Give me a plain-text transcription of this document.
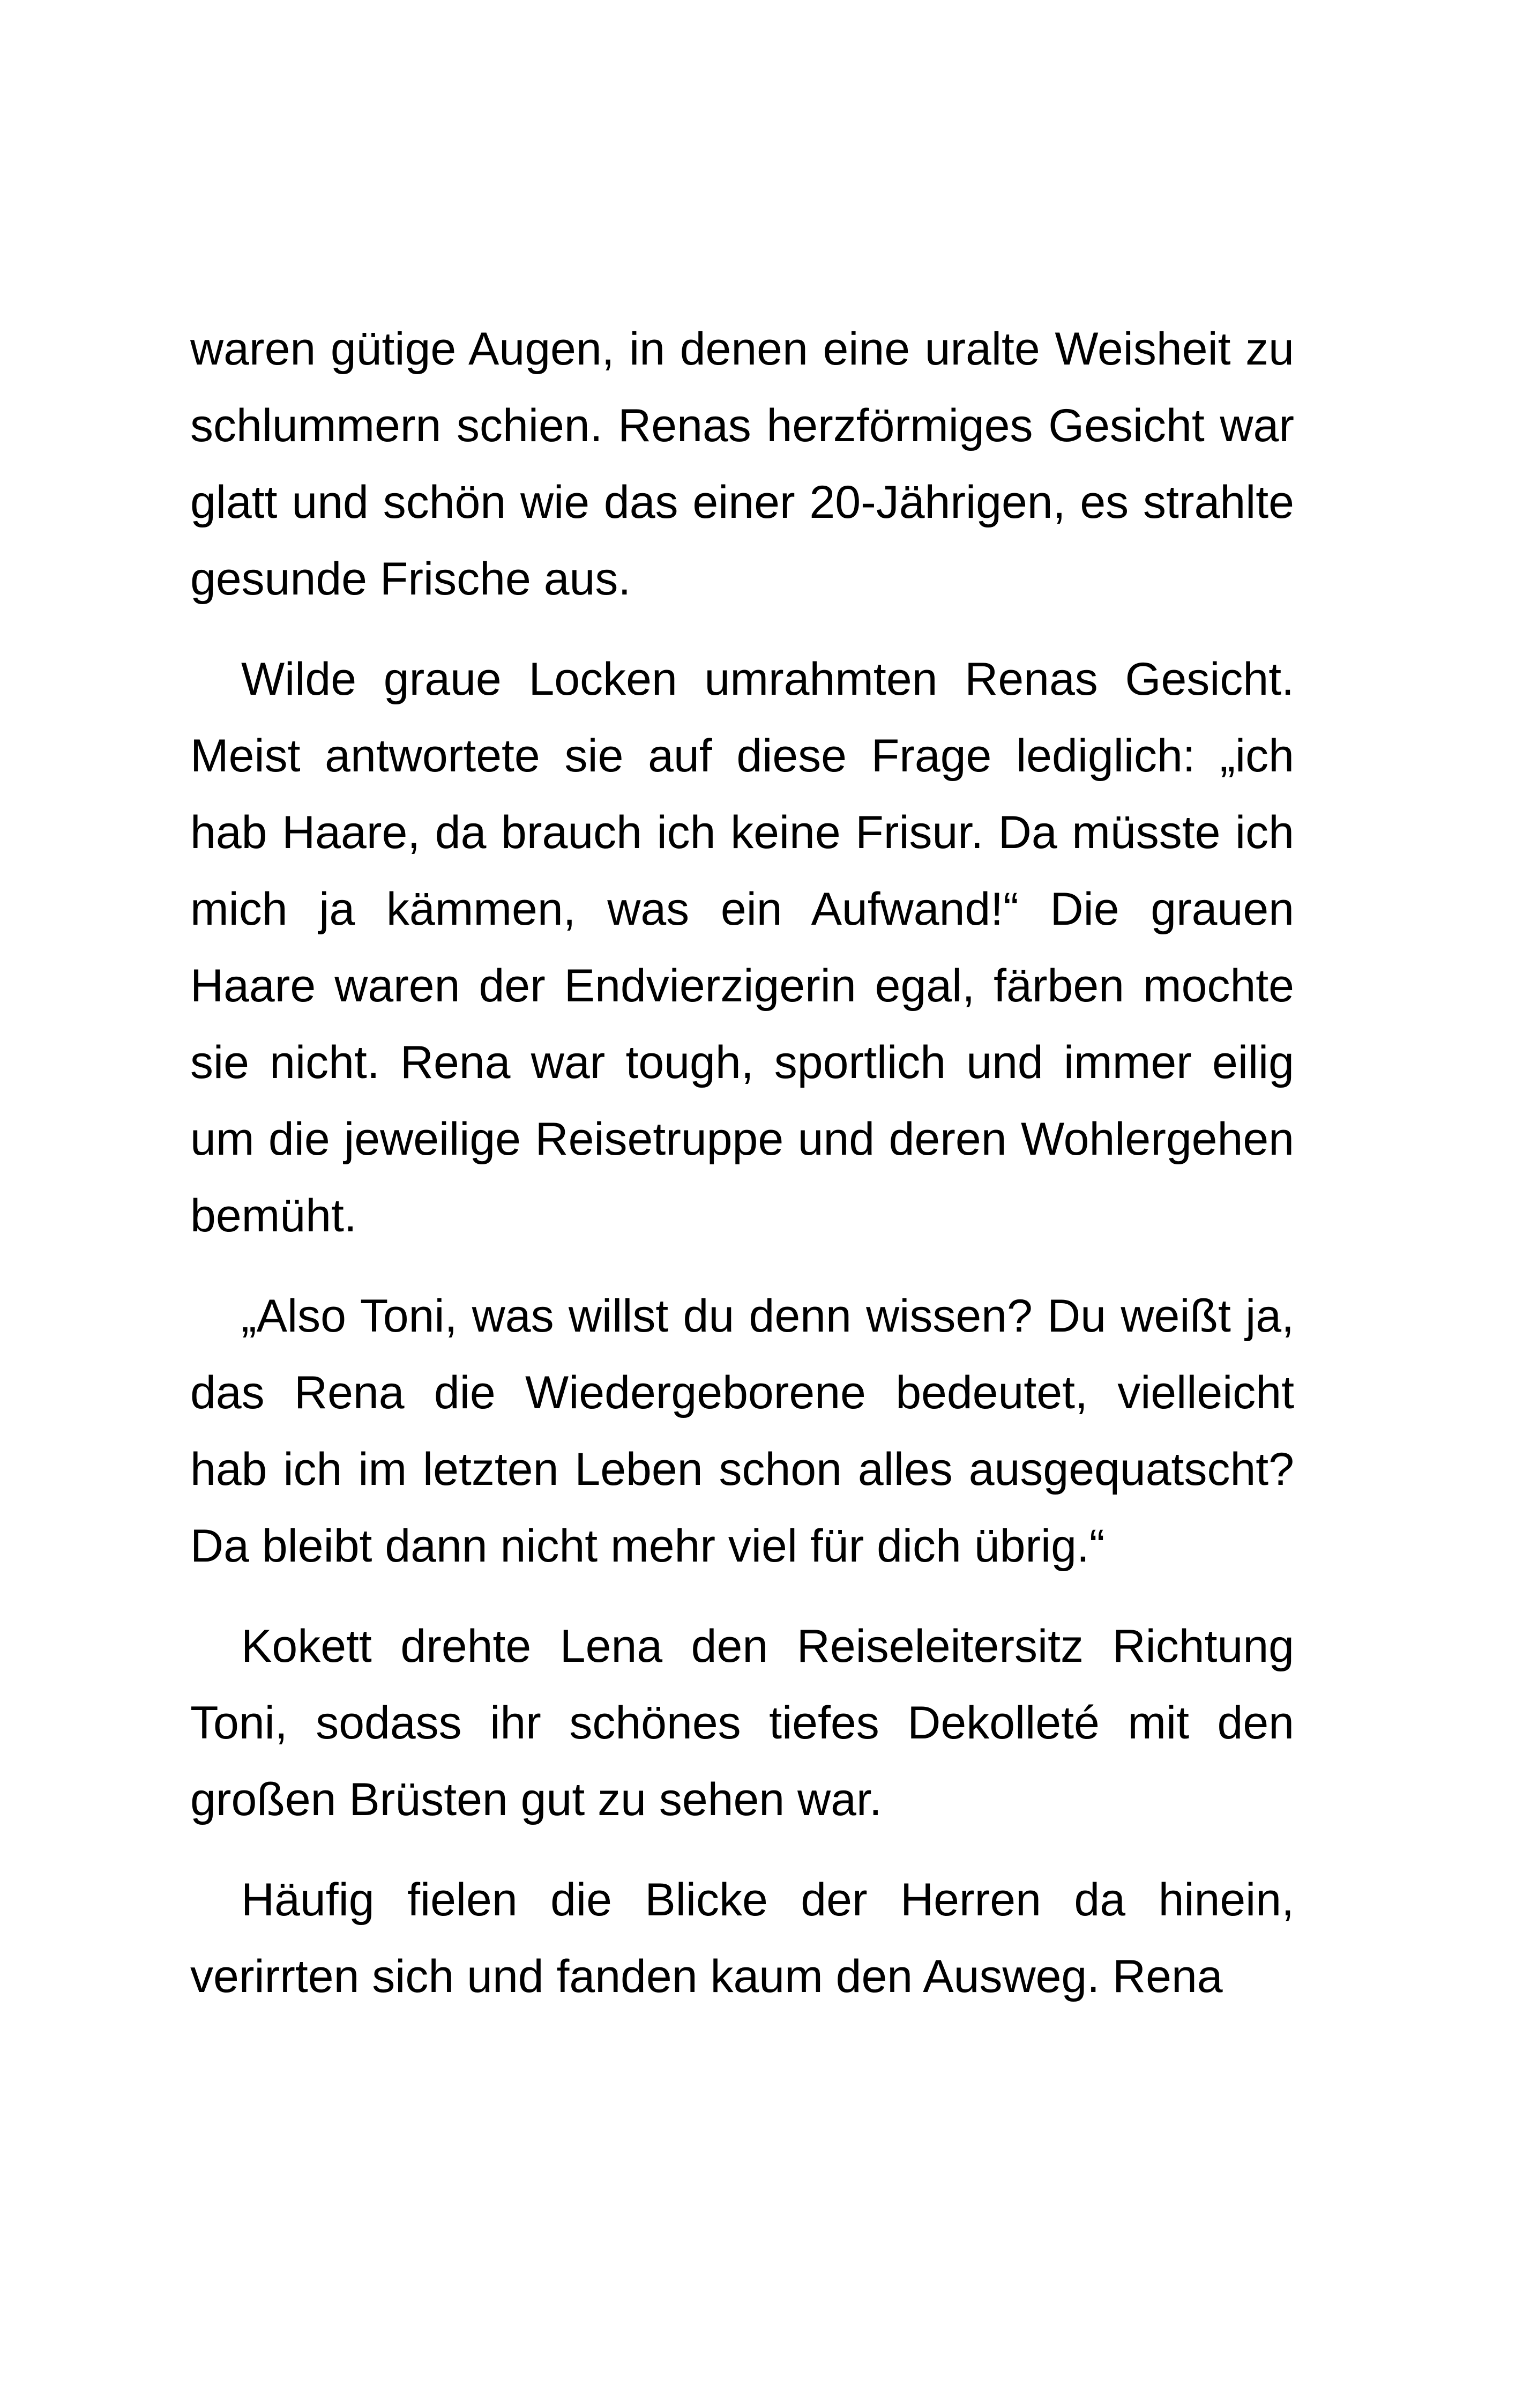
waren gütige Augen, in denen eine uralte Weisheit zu schlummern schien. Renas herzförmiges Gesicht war glatt und schön wie das einer 20-Jährigen, es strahlte gesunde Frische aus.

Wilde graue Locken umrahmten Renas Gesicht. Meist antwortete sie auf diese Frage lediglich: „ich hab Haare, da brauch ich keine Frisur. Da müsste ich mich ja kämmen, was ein Aufwand!“ Die grauen Haare waren der Endvierzigerin egal, färben mochte sie nicht. Rena war tough, sportlich und immer eilig um die jeweilige Reisetruppe und deren Wohlergehen bemüht.

„Also Toni, was willst du denn wissen? Du weißt ja, das Rena die Wiedergeborene bedeutet, vielleicht hab ich im letzten Leben schon alles ausgequatscht? Da bleibt dann nicht mehr viel für dich übrig.“

Kokett drehte Lena den Reiseleitersitz Richtung Toni, sodass ihr schönes tiefes Dekolleté mit den großen Brüsten gut zu sehen war.

Häufig fielen die Blicke der Herren da hinein, verirrten sich und fanden kaum den Ausweg. Rena
